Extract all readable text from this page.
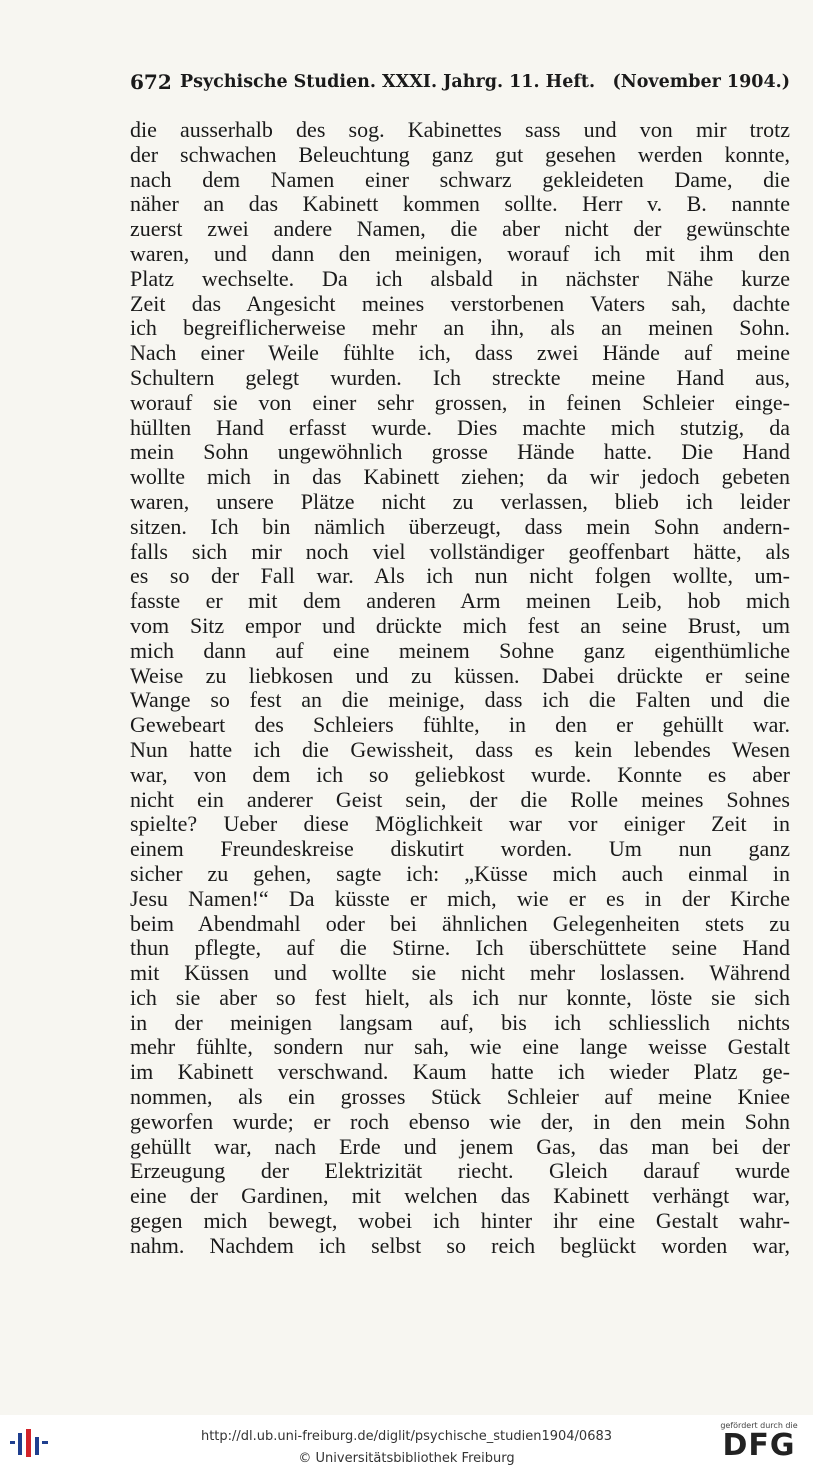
672 Psychische Studien. XXXI. Jahrg. 11. Heft. (November 1904.)
die ausserhalb des sog. Kabinettes sass und von mir trotz
der schwachen Beleuchtung ganz gut gesehen werden konnte,
nach dem Namen einer schwarz gekleideten Dame, die
näher an das Kabinett kommen sollte. Herr v. B. nannte
zuerst zwei andere Namen, die aber nicht der gewünschte
waren, und dann den meinigen, worauf ich mit ihm den
Platz wechselte. Da ich alsbald in nächster Nähe kurze
Zeit das Angesicht meines verstorbenen Vaters sah, dachte
ich begreiflicherweise mehr an ihn, als an meinen Sohn.
Nach einer Weile fühlte ich, dass zwei Hände auf meine
Schultern gelegt wurden. Ich streckte meine Hand aus,
worauf sie von einer sehr grossen, in feinen Schleier einge-
hüllten Hand erfasst wurde. Dies machte mich stutzig, da
mein Sohn ungewöhnlich grosse Hände hatte. Die Hand
wollte mich in das Kabinett ziehen; da wir jedoch gebeten
waren, unsere Plätze nicht zu verlassen, blieb ich leider
sitzen. Ich bin nämlich überzeugt, dass mein Sohn andern-
falls sich mir noch viel vollständiger geoffenbart hätte, als
es so der Fall war. Als ich nun nicht folgen wollte, um-
fasste er mit dem anderen Arm meinen Leib, hob mich
vom Sitz empor und drückte mich fest an seine Brust, um
mich dann auf eine meinem Sohne ganz eigenthümliche
Weise zu liebkosen und zu küssen. Dabei drückte er seine
Wange so fest an die meinige, dass ich die Falten und die
Gewebeart des Schleiers fühlte, in den er gehüllt war.
Nun hatte ich die Gewissheit, dass es kein lebendes Wesen
war, von dem ich so geliebkost wurde. Konnte es aber
nicht ein anderer Geist sein, der die Rolle meines Sohnes
spielte? Ueber diese Möglichkeit war vor einiger Zeit in
einem Freundeskreise diskutirt worden. Um nun ganz
sicher zu gehen, sagte ich: „Küsse mich auch einmal in
Jesu Namen!“ Da küsste er mich, wie er es in der Kirche
beim Abendmahl oder bei ähnlichen Gelegenheiten stets zu
thun pflegte, auf die Stirne. Ich überschüttete seine Hand
mit Küssen und wollte sie nicht mehr loslassen. Während
ich sie aber so fest hielt, als ich nur konnte, löste sie sich
in der meinigen langsam auf, bis ich schliesslich nichts
mehr fühlte, sondern nur sah, wie eine lange weisse Gestalt
im Kabinett verschwand. Kaum hatte ich wieder Platz ge-
nommen, als ein grosses Stück Schleier auf meine Kniee
geworfen wurde; er roch ebenso wie der, in den mein Sohn
gehüllt war, nach Erde und jenem Gas, das man bei der
Erzeugung der Elektrizität riecht. Gleich darauf wurde
eine der Gardinen, mit welchen das Kabinett verhängt war,
gegen mich bewegt, wobei ich hinter ihr eine Gestalt wahr-
nahm. Nachdem ich selbst so reich beglückt worden war,
http://dl.ub.uni-freiburg.de/diglit/psychische_studien1904/0683
© Universitätsbibliothek Freiburg
gefördert durch die
DFG
